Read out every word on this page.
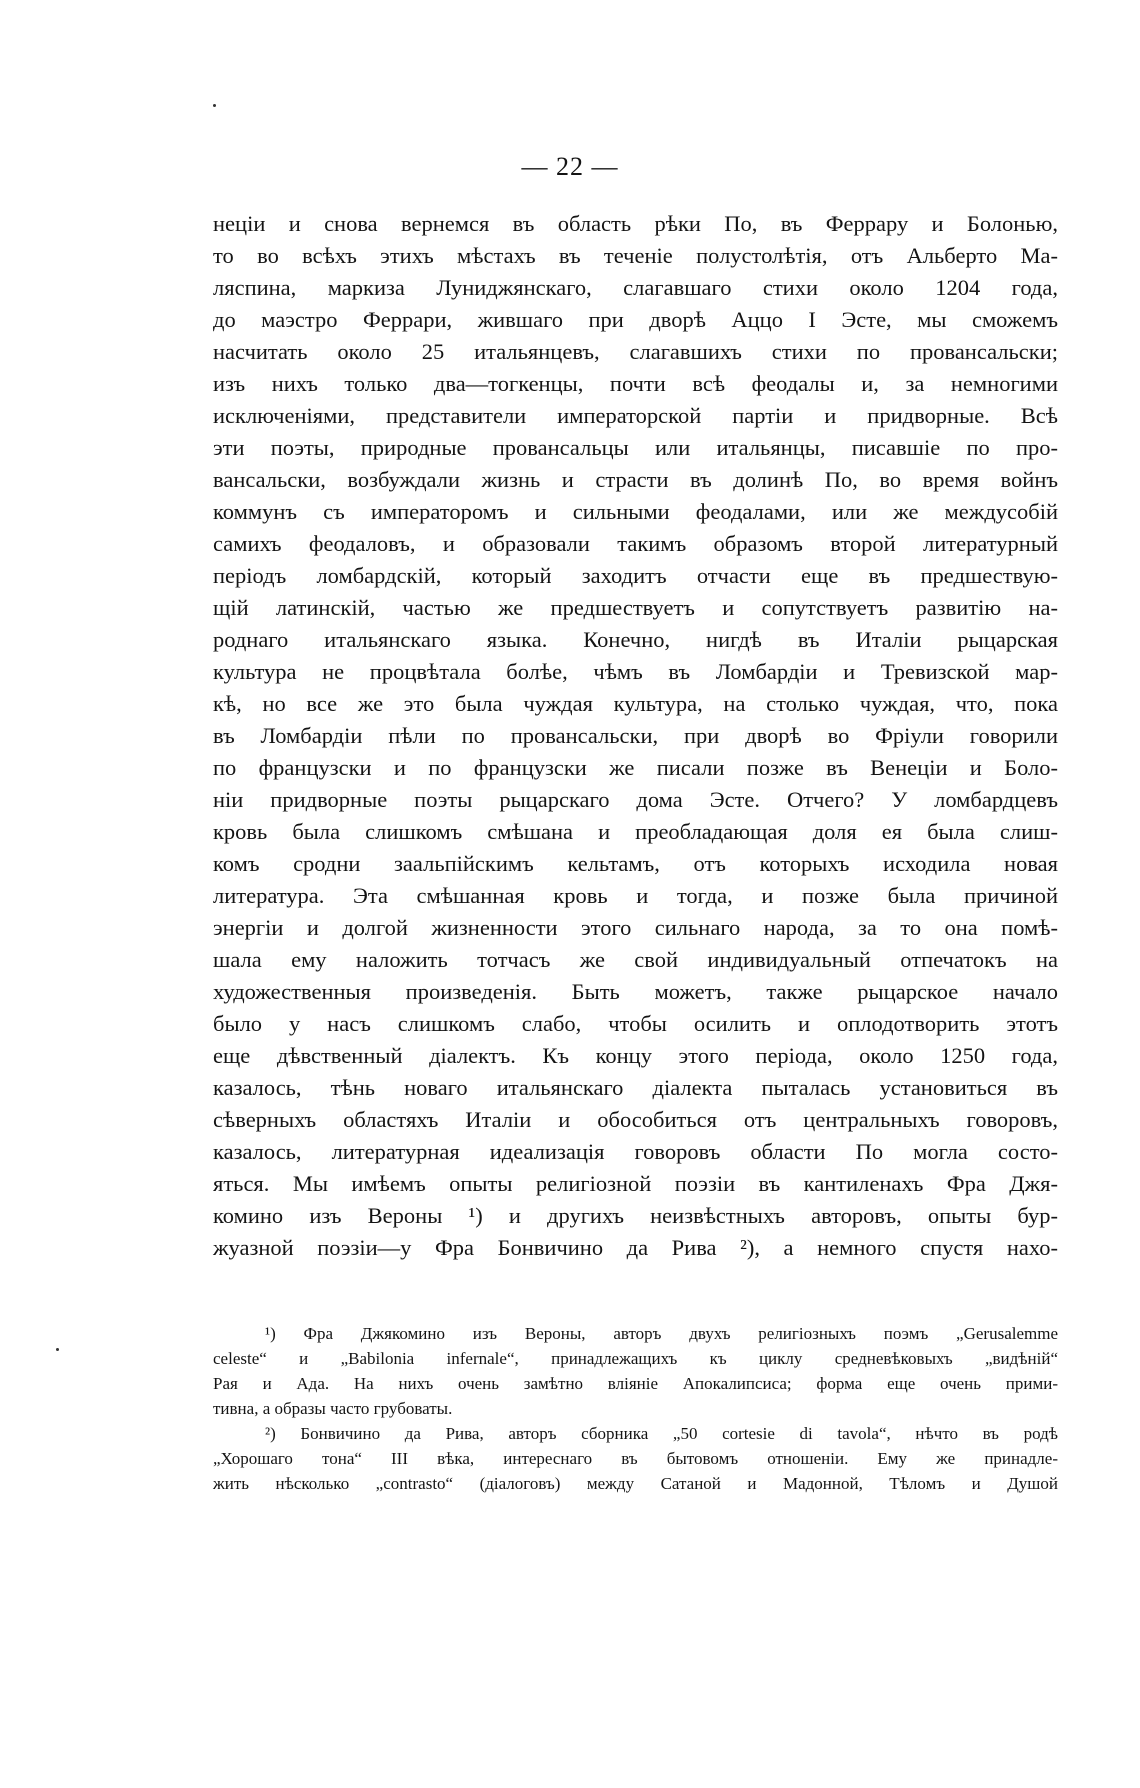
— 22 —
неціи и снова вернемся въ область рѣки По, въ Феррару и Болонью,
то во всѣхъ этихъ мѣстахъ въ теченіе полустолѣтія, отъ Альберто Ма-
ляспина, маркиза Луниджянскаго, слагавшаго стихи около 1204 года,
до маэстро Феррари, жившаго при дворѣ Аццо I Эсте, мы сможемъ
насчитать около 25 итальянцевъ, слагавшихъ стихи по провансальски;
изъ нихъ только два—тогкенцы, почти всѣ феодалы и, за немногими
исключеніями, представители императорской партіи и придворные. Всѣ
эти поэты, природные провансальцы или итальянцы, писавшіе по про-
вансальски, возбуждали жизнь и страсти въ долинѣ По, во время войнъ
коммунъ съ императоромъ и сильными феодалами, или же междусобій
самихъ феодаловъ, и образовали такимъ образомъ второй литературный
періодъ ломбардскій, который заходитъ отчасти еще въ предшествую-
щій латинскій, частью же предшествуетъ и сопутствуетъ развитію на-
роднаго итальянскаго языка. Конечно, нигдѣ въ Италіи рыцарская
культура не процвѣтала болѣе, чѣмъ въ Ломбардіи и Тревизской мар-
кѣ, но все же это была чуждая культура, на столько чуждая, что, пока
въ Ломбардіи пѣли по провансальски, при дворѣ во Фріули говорили
по французски и по французски же писали позже въ Венеціи и Боло-
ніи придворные поэты рыцарскаго дома Эсте. Отчего? У ломбардцевъ
кровь была слишкомъ смѣшана и преобладающая доля ея была слиш-
комъ сродни заальпійскимъ кельтамъ, отъ которыхъ исходила новая
литература. Эта смѣшанная кровь и тогда, и позже была причиной
энергіи и долгой жизненности этого сильнаго народа, за то она помѣ-
шала ему наложить тотчасъ же свой индивидуальный отпечатокъ на
художественныя произведенія. Быть можетъ, также рыцарское начало
было у насъ слишкомъ слабо, чтобы осилить и оплодотворить этотъ
еще дѣвственный діалектъ. Къ концу этого періода, около 1250 года,
казалось, тѣнь новаго итальянскаго діалекта пыталась установиться въ
сѣверныхъ областяхъ Италіи и обособиться отъ центральныхъ говоровъ,
казалось, литературная идеализація говоровъ области По могла состо-
яться. Мы имѣемъ опыты религіозной поэзіи въ кантиленахъ Фра Джя-
комино изъ Вероны ¹) и другихъ неизвѣстныхъ авторовъ, опыты бур-
жуазной поэзіи—у Фра Бонвичино да Рива ²), а немного спустя нахо-
¹) Фра Джякомино изъ Вероны, авторъ двухъ религіозныхъ поэмъ „Gerusalemme
celeste“ и „Babilonia infernale“, принадлежащихъ къ циклу средневѣковыхъ „видѣній“
Рая и Ада. На нихъ очень замѣтно вліяніе Апокалипсиса; форма еще очень прими-
тивна, а образы часто грубоваты.
²) Бонвичино да Рива, авторъ сборника „50 cortesie di tavola“, нѣчто въ родѣ
„Хорошаго тона“ III вѣка, интереснаго въ бытовомъ отношеніи. Ему же принадле-
жить нѣсколько „contrasto“ (діалоговъ) между Сатаной и Мадонной, Тѣломъ и Душой
